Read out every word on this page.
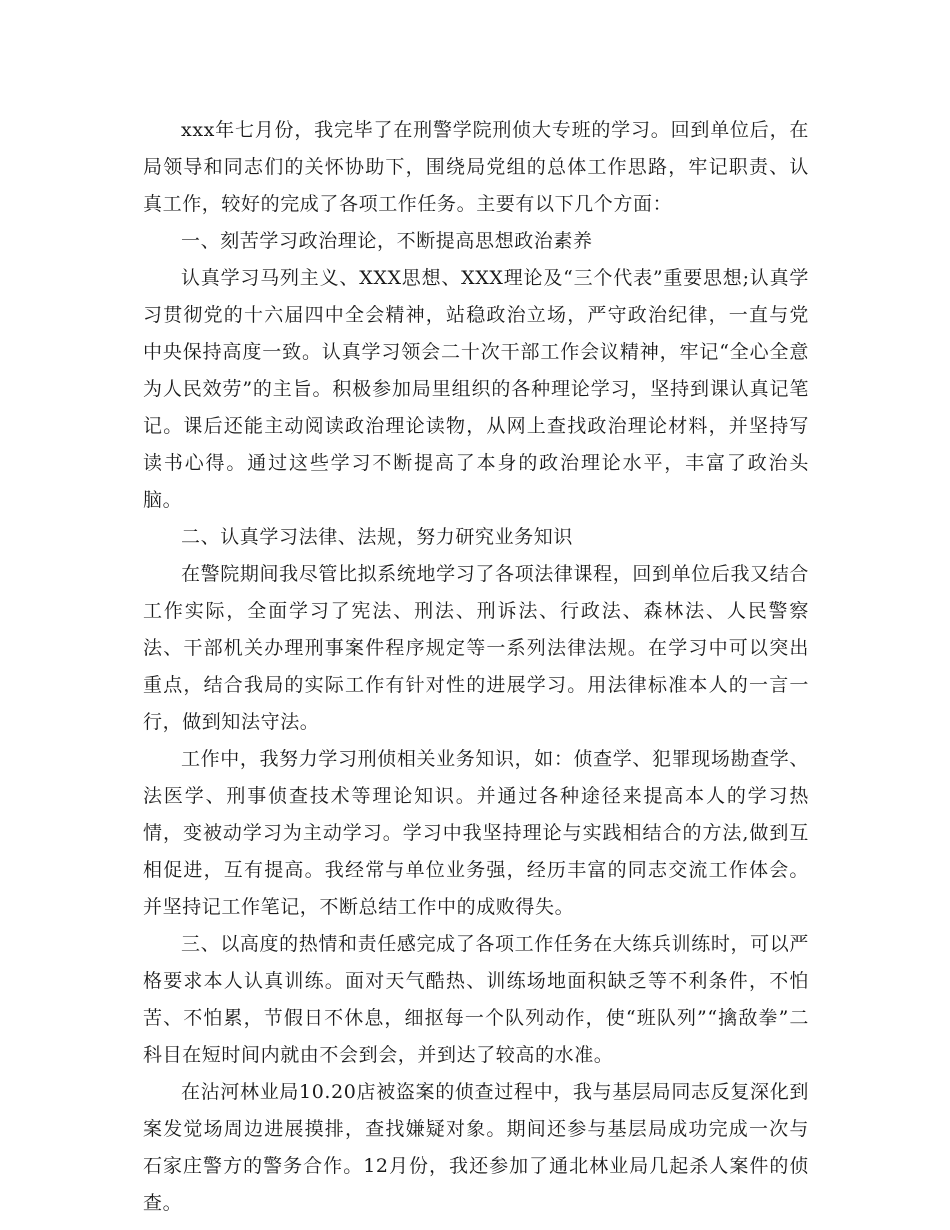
xxx年七月份，我完毕了在刑警学院刑侦大专班的学习。回到单位后，在局领导和同志们的关怀协助下，围绕局党组的总体工作思路，牢记职责、认真工作，较好的完成了各项工作任务。主要有以下几个方面：

一、刻苦学习政治理论，不断提高思想政治素养

认真学习马列主义、XXX思想、XXX理论及“三个代表”重要思想;认真学习贯彻党的十六届四中全会精神，站稳政治立场，严守政治纪律，一直与党中央保持高度一致。认真学习领会二十次干部工作会议精神，牢记“全心全意为人民效劳”的主旨。积极参加局里组织的各种理论学习，坚持到课认真记笔记。课后还能主动阅读政治理论读物，从网上查找政治理论材料，并坚持写读书心得。通过这些学习不断提高了本身的政治理论水平，丰富了政治头脑。

二、认真学习法律、法规，努力研究业务知识

在警院期间我尽管比拟系统地学习了各项法律课程，回到单位后我又结合工作实际，全面学习了宪法、刑法、刑诉法、行政法、森林法、人民警察法、干部机关办理刑事案件程序规定等一系列法律法规。在学习中可以突出重点，结合我局的实际工作有针对性的进展学习。用法律标准本人的一言一行，做到知法守法。

工作中，我努力学习刑侦相关业务知识，如：侦查学、犯罪现场勘查学、法医学、刑事侦查技术等理论知识。并通过各种途径来提高本人的学习热情，变被动学习为主动学习。学习中我坚持理论与实践相结合的方法,做到互相促进，互有提高。我经常与单位业务强，经历丰富的同志交流工作体会。并坚持记工作笔记，不断总结工作中的成败得失。

三、以高度的热情和责任感完成了各项工作任务在大练兵训练时，可以严格要求本人认真训练。面对天气酷热、训练场地面积缺乏等不利条件，不怕苦、不怕累，节假日不休息，细抠每一个队列动作，使“班队列”“擒敌拳”二科目在短时间内就由不会到会，并到达了较高的水准。

在沾河林业局10.20店被盗案的侦查过程中，我与基层局同志反复深化到案发觉场周边进展摸排，查找嫌疑对象。期间还参与基层局成功完成一次与石家庄警方的警务合作。12月份，我还参加了通北林业局几起杀人案件的侦查。
